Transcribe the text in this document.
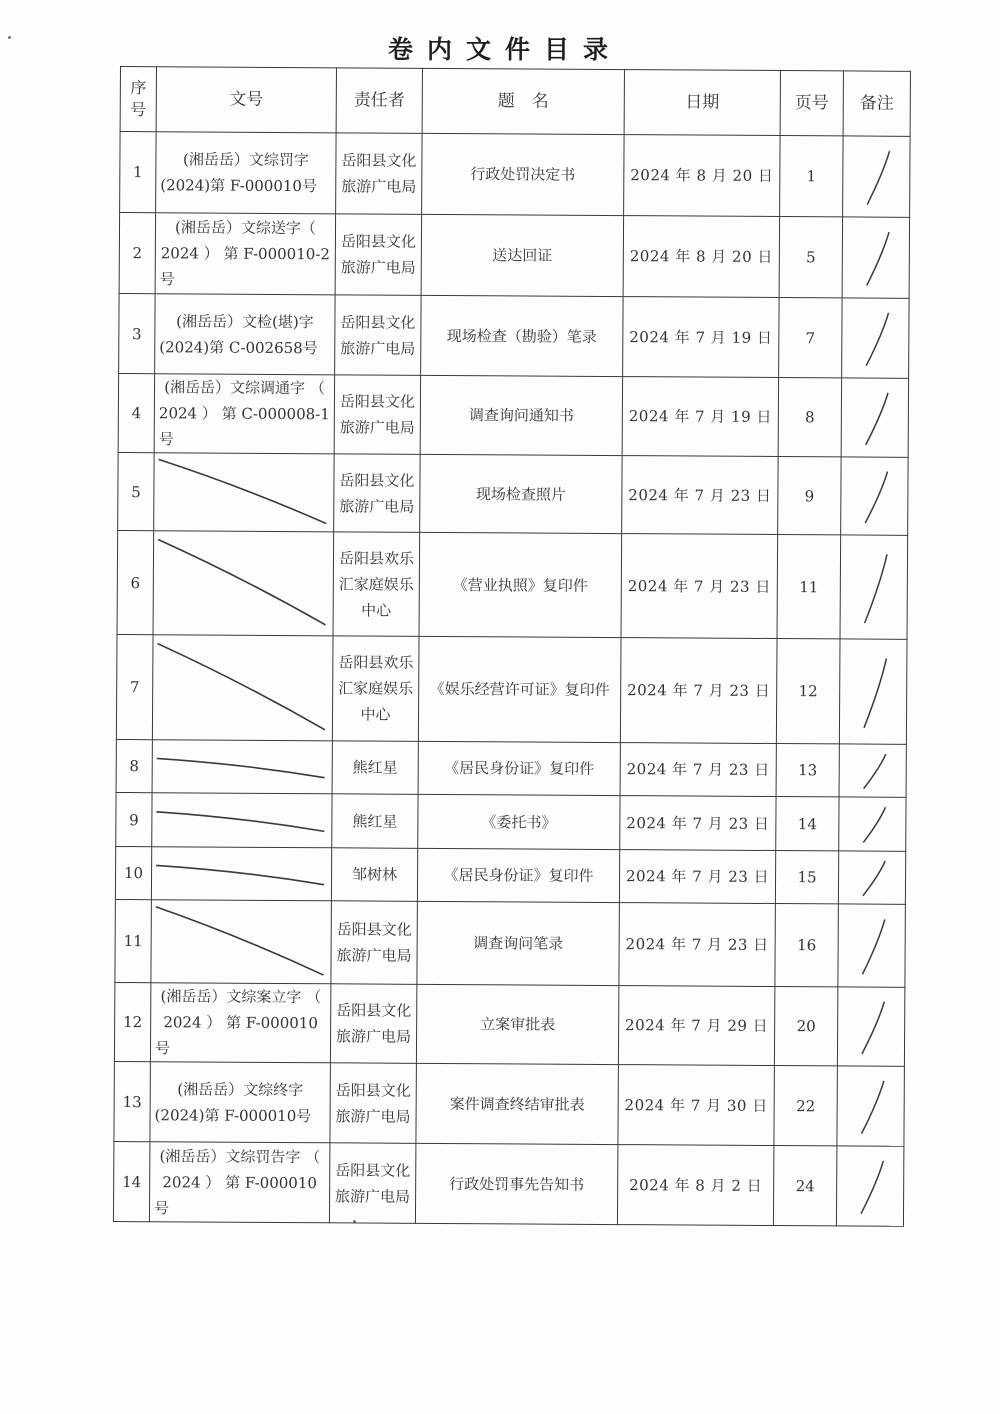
卷内文件目录
序号	文号	责任者	题　名	日期	页号	备注
1	(湘岳岳）文综罚字(2024)第 F-000010号	岳阳县文化旅游广电局	行政处罚决定书	2024 年 8 月 20 日	1	

2	(湘岳岳）文综送字（ 2024 ） 第 F-000010-2 号	岳阳县文化旅游广电局	送达回证	2024 年 8 月 20 日	5	

3	(湘岳岳）文检(堪)字(2024)第 C-002658号	岳阳县文化旅游广电局	现场检查（勘验）笔录	2024 年 7 月 19 日	7	

4	(湘岳岳）文综调通字 （ 2024 ） 第 C-000008-1 号	岳阳县文化旅游广电局	调查询问通知书	2024 年 7 月 19 日	8	

5		岳阳县文化旅游广电局	现场检查照片	2024 年 7 月 23 日	9	

6		岳阳县欢乐汇家庭娱乐中心	《营业执照》复印件	2024 年 7 月 23 日	11	

7		岳阳县欢乐汇家庭娱乐中心	《娱乐经营许可证》复印件	2024 年 7 月 23 日	12	

8		熊红星	《居民身份证》复印件	2024 年 7 月 23 日	13	

9		熊红星	《委托书》	2024 年 7 月 23 日	14	

10		邹树林	《居民身份证》复印件	2024 年 7 月 23 日	15	

11		岳阳县文化旅游广电局	调查询问笔录	2024 年 7 月 23 日	16	

12	(湘岳岳）文综案立字 （ 2024 ） 第 F-000010 号	岳阳县文化旅游广电局	立案审批表	2024 年 7 月 29 日	20	

13	(湘岳岳）文综终字(2024)第 F-000010号	岳阳县文化旅游广电局	案件调查终结审批表	2024 年 7 月 30 日	22	

14	(湘岳岳）文综罚告字 （ 2024 ） 第 F-000010 号	岳阳县文化旅游广电局	行政处罚事先告知书	2024 年 8 月 2 日	24	
